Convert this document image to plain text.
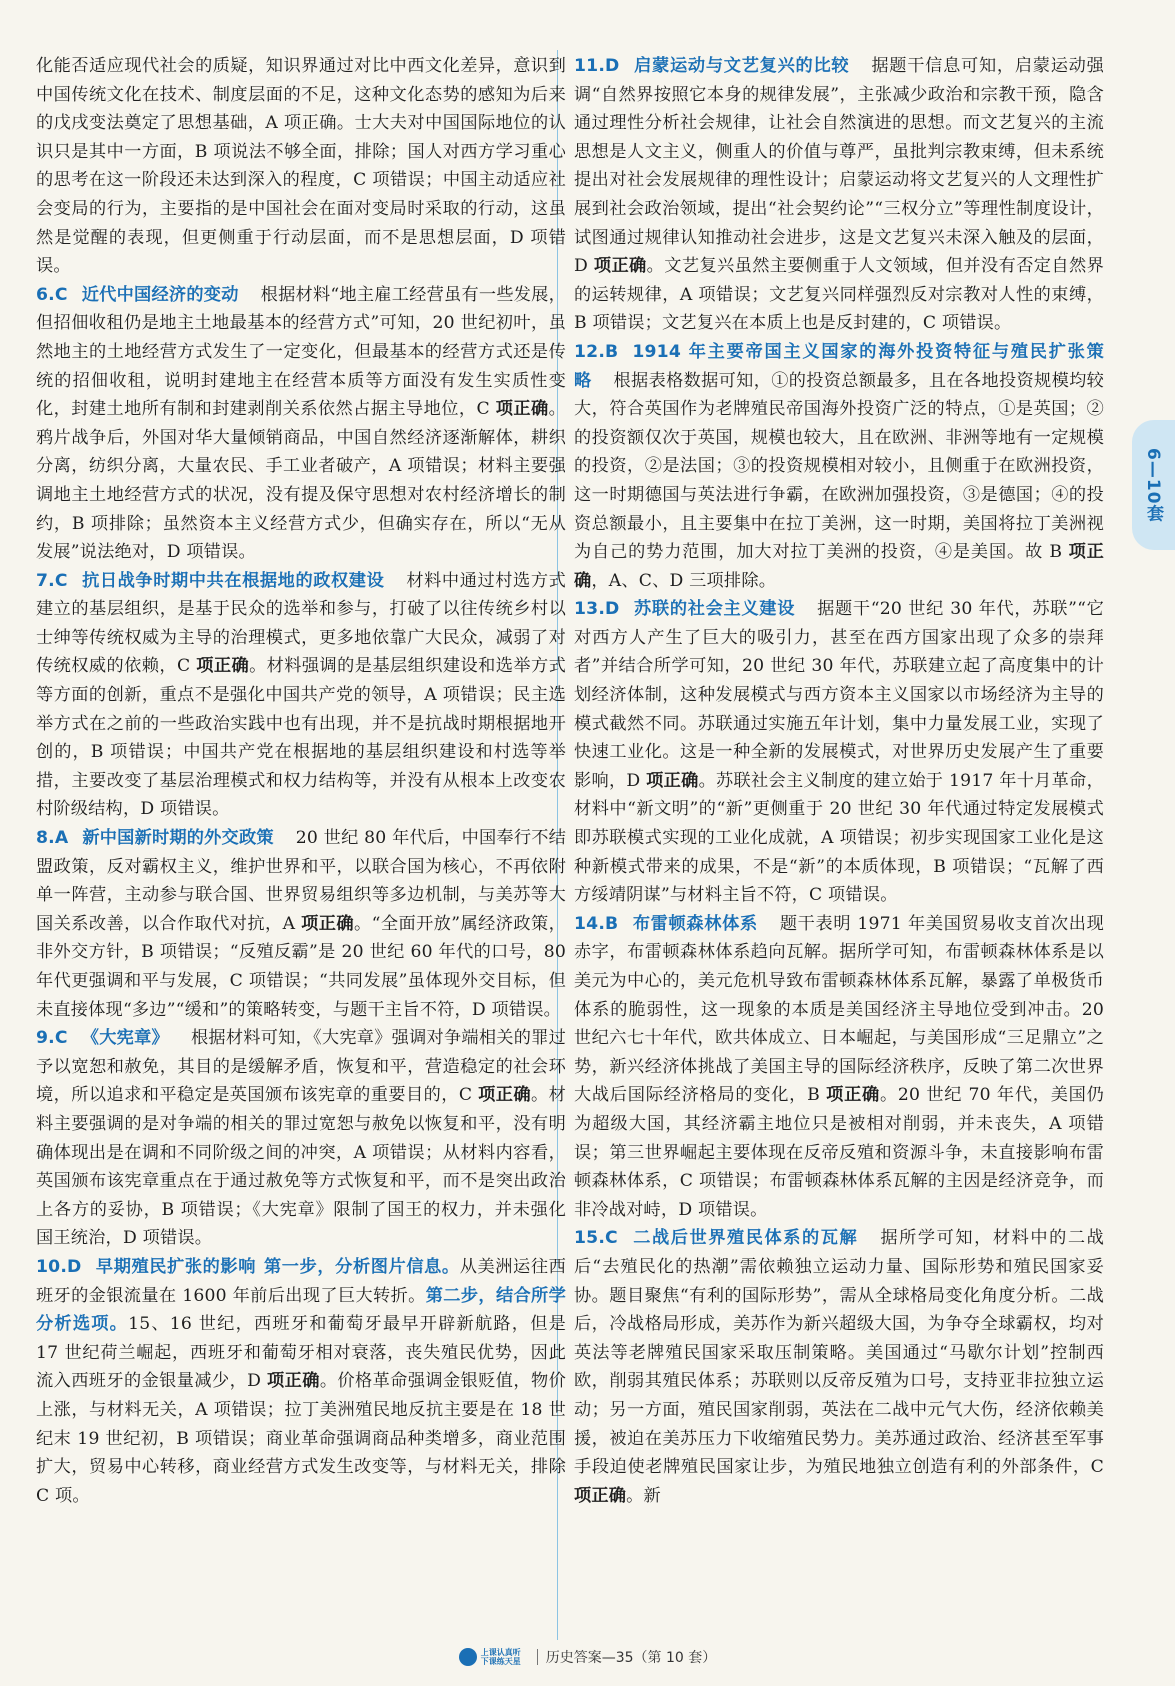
化能否适应现代社会的质疑，知识界通过对比中西文化差异，意识到中国传统文化在技术、制度层面的不足，这种文化态势的感知为后来的戊戌变法奠定了思想基础，A 项正确。士大夫对中国国际地位的认识只是其中一方面，B 项说法不够全面，排除；国人对西方学习重心的思考在这一阶段还未达到深入的程度，C 项错误；中国主动适应社会变局的行为，主要指的是中国社会在面对变局时采取的行动，这虽然是觉醒的表现，但更侧重于行动层面，而不是思想层面，D 项错误。

6.C 近代中国经济的变动 根据材料“地主雇工经营虽有一些发展，但招佃收租仍是地主土地最基本的经营方式”可知，20 世纪初叶，虽然地主的土地经营方式发生了一定变化，但最基本的经营方式还是传统的招佃收租，说明封建地主在经营本质等方面没有发生实质性变化，封建土地所有制和封建剥削关系依然占据主导地位，C 项正确。鸦片战争后，外国对华大量倾销商品，中国自然经济逐渐解体，耕织分离，纺织分离，大量农民、手工业者破产，A 项错误；材料主要强调地主土地经营方式的状况，没有提及保守思想对农村经济增长的制约，B 项排除；虽然资本主义经营方式少，但确实存在，所以“无从发展”说法绝对，D 项错误。

7.C 抗日战争时期中共在根据地的政权建设 材料中通过村选方式建立的基层组织，是基于民众的选举和参与，打破了以往传统乡村以士绅等传统权威为主导的治理模式，更多地依靠广大民众，减弱了对传统权威的依赖，C 项正确。材料强调的是基层组织建设和选举方式等方面的创新，重点不是强化中国共产党的领导，A 项错误；民主选举方式在之前的一些政治实践中也有出现，并不是抗战时期根据地开创的，B 项错误；中国共产党在根据地的基层组织建设和村选等举措，主要改变了基层治理模式和权力结构等，并没有从根本上改变农村阶级结构，D 项错误。

8.A 新中国新时期的外交政策 20 世纪 80 年代后，中国奉行不结盟政策，反对霸权主义，维护世界和平，以联合国为核心，不再依附单一阵营，主动参与联合国、世界贸易组织等多边机制，与美苏等大国关系改善，以合作取代对抗，A 项正确。“全面开放”属经济政策，非外交方针，B 项错误；“反殖反霸”是 20 世纪 60 年代的口号，80 年代更强调和平与发展，C 项错误；“共同发展”虽体现外交目标，但未直接体现“多边”“缓和”的策略转变，与题干主旨不符，D 项错误。

9.C 《大宪章》 根据材料可知，《大宪章》强调对争端相关的罪过予以宽恕和赦免，其目的是缓解矛盾，恢复和平，营造稳定的社会环境，所以追求和平稳定是英国颁布该宪章的重要目的，C 项正确。材料主要强调的是对争端的相关的罪过宽恕与赦免以恢复和平，没有明确体现出是在调和不同阶级之间的冲突，A 项错误；从材料内容看，英国颁布该宪章重点在于通过赦免等方式恢复和平，而不是突出政治上各方的妥协，B 项错误；《大宪章》限制了国王的权力，并未强化国王统治，D 项错误。

10.D 早期殖民扩张的影响 第一步，分析图片信息。从美洲运往西班牙的金银流量在 1600 年前后出现了巨大转折。第二步，结合所学分析选项。15、16 世纪，西班牙和葡萄牙最早开辟新航路，但是 17 世纪荷兰崛起，西班牙和葡萄牙相对衰落，丧失殖民优势，因此流入西班牙的金银量减少，D 项正确。价格革命强调金银贬值，物价上涨，与材料无关，A 项错误；拉丁美洲殖民地反抗主要是在 18 世纪末 19 世纪初，B 项错误；商业革命强调商品种类增多，商业范围扩大，贸易中心转移，商业经营方式发生改变等，与材料无关，排除 C 项。

11.D 启蒙运动与文艺复兴的比较 据题干信息可知，启蒙运动强调“自然界按照它本身的规律发展”，主张减少政治和宗教干预，隐含通过理性分析社会规律，让社会自然演进的思想。而文艺复兴的主流思想是人文主义，侧重人的价值与尊严，虽批判宗教束缚，但未系统提出对社会发展规律的理性设计；启蒙运动将文艺复兴的人文理性扩展到社会政治领域，提出“社会契约论”“三权分立”等理性制度设计，试图通过规律认知推动社会进步，这是文艺复兴未深入触及的层面，D 项正确。文艺复兴虽然主要侧重于人文领域，但并没有否定自然界的运转规律，A 项错误；文艺复兴同样强烈反对宗教对人性的束缚，B 项错误；文艺复兴在本质上也是反封建的，C 项错误。

12.B 1914 年主要帝国主义国家的海外投资特征与殖民扩张策略 根据表格数据可知，①的投资总额最多，且在各地投资规模均较大，符合英国作为老牌殖民帝国海外投资广泛的特点，①是英国；②的投资额仅次于英国，规模也较大，且在欧洲、非洲等地有一定规模的投资，②是法国；③的投资规模相对较小，且侧重于在欧洲投资，这一时期德国与英法进行争霸，在欧洲加强投资，③是德国；④的投资总额最小，且主要集中在拉丁美洲，这一时期，美国将拉丁美洲视为自己的势力范围，加大对拉丁美洲的投资，④是美国。故 B 项正确，A、C、D 三项排除。

13.D 苏联的社会主义建设 据题干“20 世纪 30 年代，苏联”“它对西方人产生了巨大的吸引力，甚至在西方国家出现了众多的崇拜者”并结合所学可知，20 世纪 30 年代，苏联建立起了高度集中的计划经济体制，这种发展模式与西方资本主义国家以市场经济为主导的模式截然不同。苏联通过实施五年计划，集中力量发展工业，实现了快速工业化。这是一种全新的发展模式，对世界历史发展产生了重要影响，D 项正确。苏联社会主义制度的建立始于 1917 年十月革命，材料中“新文明”的“新”更侧重于 20 世纪 30 年代通过特定发展模式即苏联模式实现的工业化成就，A 项错误；初步实现国家工业化是这种新模式带来的成果，不是“新”的本质体现，B 项错误；“瓦解了西方绥靖阴谋”与材料主旨不符，C 项错误。

14.B 布雷顿森林体系 题干表明 1971 年美国贸易收支首次出现赤字，布雷顿森林体系趋向瓦解。据所学可知，布雷顿森林体系是以美元为中心的，美元危机导致布雷顿森林体系瓦解，暴露了单极货币体系的脆弱性，这一现象的本质是美国经济主导地位受到冲击。20 世纪六七十年代，欧共体成立、日本崛起，与美国形成“三足鼎立”之势，新兴经济体挑战了美国主导的国际经济秩序，反映了第二次世界大战后国际经济格局的变化，B 项正确。20 世纪 70 年代，美国仍为超级大国，其经济霸主地位只是被相对削弱，并未丧失，A 项错误；第三世界崛起主要体现在反帝反殖和资源斗争，未直接影响布雷顿森林体系，C 项错误；布雷顿森林体系瓦解的主因是经济竞争，而非冷战对峙，D 项错误。

15.C 二战后世界殖民体系的瓦解 据所学可知，材料中的二战后“去殖民化的热潮”需依赖独立运动力量、国际形势和殖民国家妥协。题目聚焦“有利的国际形势”，需从全球格局变化角度分析。二战后，冷战格局形成，美苏作为新兴超级大国，为争夺全球霸权，均对英法等老牌殖民国家采取压制策略。美国通过“马歇尔计划”控制西欧，削弱其殖民体系；苏联则以反帝反殖为口号，支持亚非拉独立运动；另一方面，殖民国家削弱，英法在二战中元气大伤，经济依赖美援，被迫在美苏压力下收缩殖民势力。美苏通过政治、经济甚至军事手段迫使老牌殖民国家让步，为殖民地独立创造有利的外部条件，C 项正确。新

6—10套
上课认真听
下课练天星 历史答案—35（第 10 套）
